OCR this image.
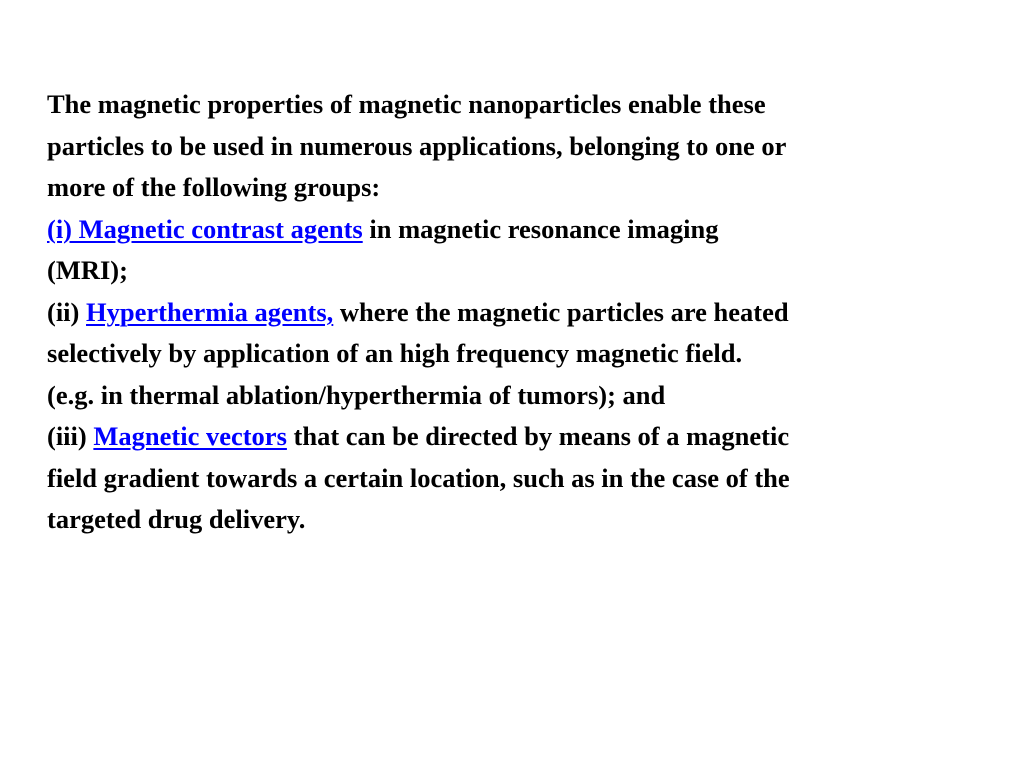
The magnetic properties of magnetic nanoparticles enable these
particles to be used in numerous applications, belonging to one or
more of the following groups:
(i) Magnetic contrast agents in magnetic resonance imaging
(MRI);
(ii) Hyperthermia agents, where the magnetic particles are heated
selectively by application of an high frequency magnetic field.
(e.g. in thermal ablation/hyperthermia of tumors); and
(iii) Magnetic vectors that can be directed by means of a magnetic
field gradient towards a certain location, such as in the case of the
targeted drug delivery.
